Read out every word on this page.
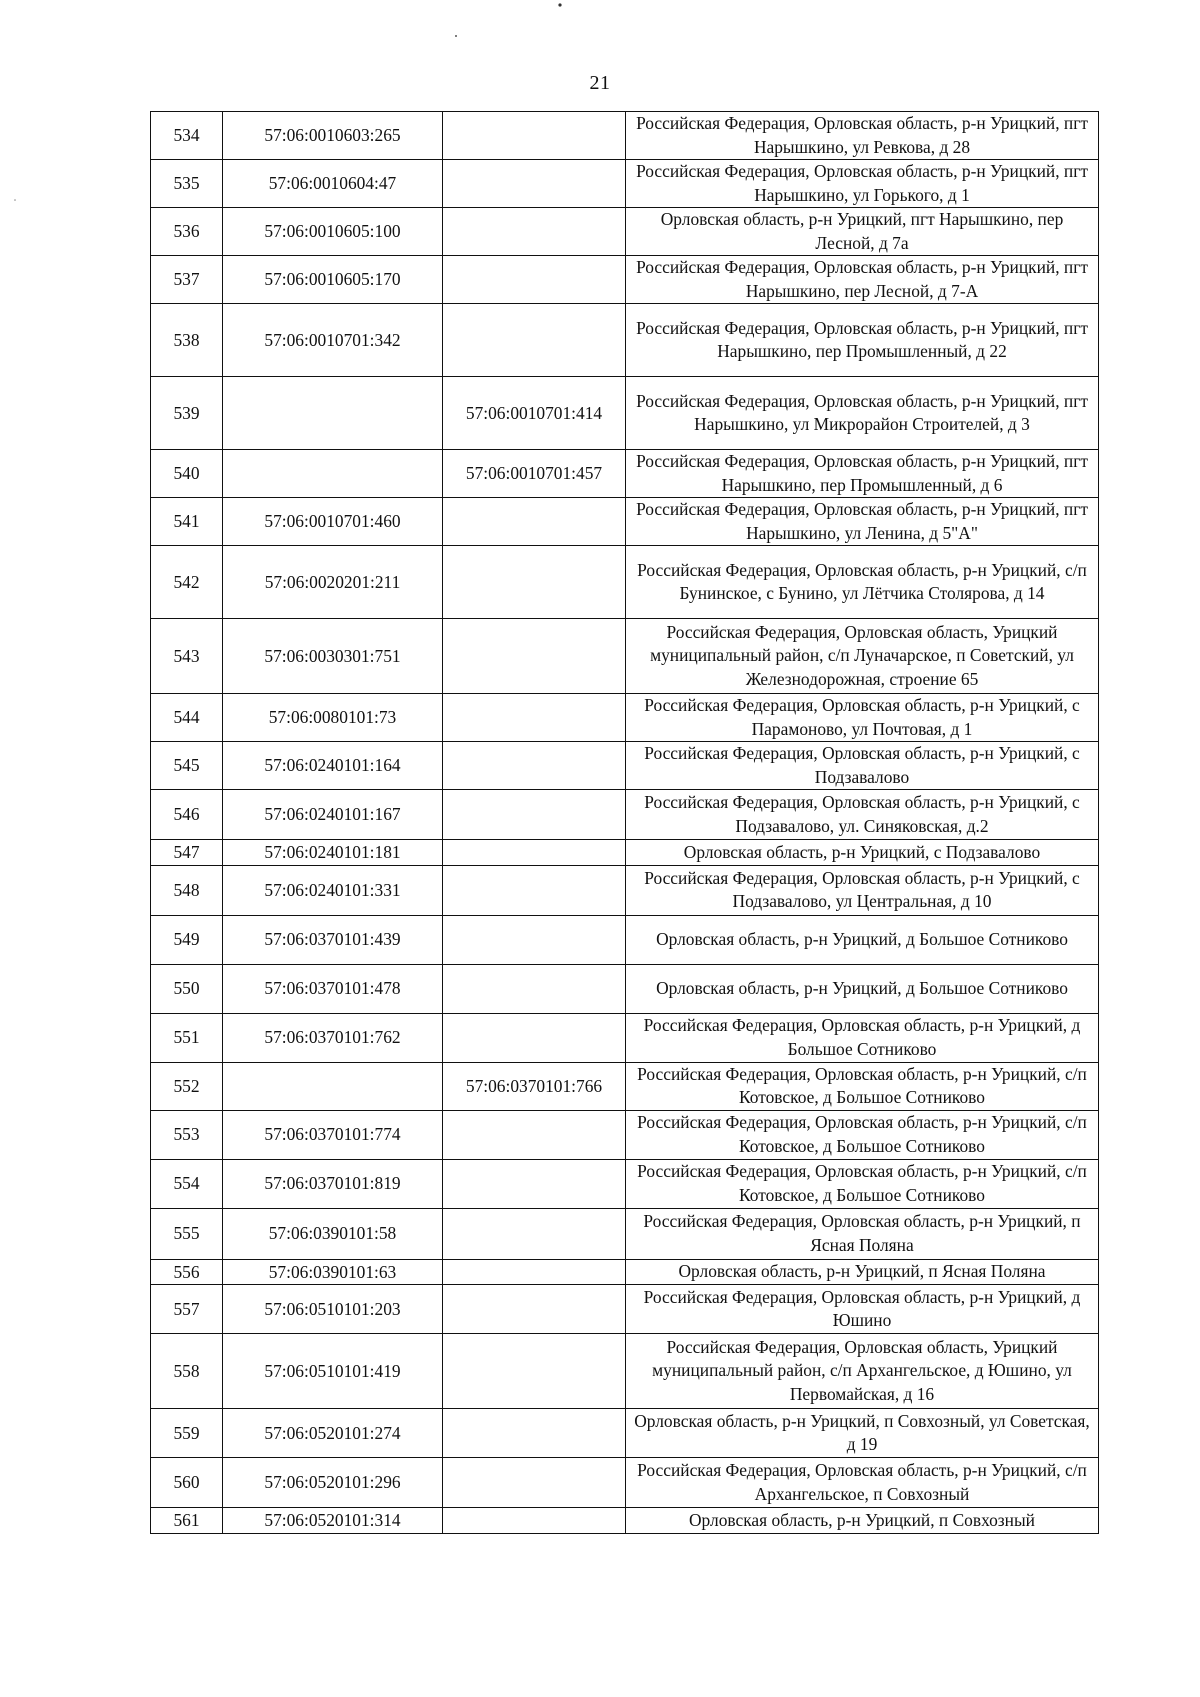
21
534	57:06:0010603:265		Российская Федерация, Орловская область, р-н Урицкий, пгт Нарышкино, ул Ревкова, д 28
535	57:06:0010604:47		Российская Федерация, Орловская область, р-н Урицкий, пгт Нарышкино, ул Горького, д 1
536	57:06:0010605:100		Орловская область, р-н Урицкий, пгт Нарышкино, пер Лесной, д 7а
537	57:06:0010605:170		Российская Федерация, Орловская область, р-н Урицкий, пгт Нарышкино, пер Лесной, д 7-А
538	57:06:0010701:342		Российская Федерация, Орловская область, р-н Урицкий, пгт Нарышкино, пер Промышленный, д 22
539		57:06:0010701:414	Российская Федерация, Орловская область, р-н Урицкий, пгт Нарышкино, ул Микрорайон Строителей, д 3
540		57:06:0010701:457	Российская Федерация, Орловская область, р-н Урицкий, пгт Нарышкино, пер Промышленный, д 6
541	57:06:0010701:460		Российская Федерация, Орловская область, р-н Урицкий, пгт Нарышкино, ул Ленина, д 5"А"
542	57:06:0020201:211		Российская Федерация, Орловская область, р-н Урицкий, с/п Бунинское, с Бунино, ул Лётчика Столярова, д 14
543	57:06:0030301:751		Российская Федерация, Орловская область, Урицкий муниципальный район, с/п Луначарское, п Советский, ул Железнодорожная, строение 65
544	57:06:0080101:73		Российская Федерация, Орловская область, р-н Урицкий, с Парамоново, ул Почтовая, д 1
545	57:06:0240101:164		Российская Федерация, Орловская область, р-н Урицкий, с Подзавалово
546	57:06:0240101:167		Российская Федерация, Орловская область, р-н Урицкий, с Подзавалово, ул. Синяковская, д.2
547	57:06:0240101:181		Орловская область, р-н Урицкий, с Подзавалово
548	57:06:0240101:331		Российская Федерация, Орловская область, р-н Урицкий, с Подзавалово, ул Центральная, д 10
549	57:06:0370101:439		Орловская область, р-н Урицкий, д Большое Сотниково
550	57:06:0370101:478		Орловская область, р-н Урицкий, д Большое Сотниково
551	57:06:0370101:762		Российская Федерация, Орловская область, р-н Урицкий, д Большое Сотниково
552		57:06:0370101:766	Российская Федерация, Орловская область, р-н Урицкий, с/п Котовское, д Большое Сотниково
553	57:06:0370101:774		Российская Федерация, Орловская область, р-н Урицкий, с/п Котовское, д Большое Сотниково
554	57:06:0370101:819		Российская Федерация, Орловская область, р-н Урицкий, с/п Котовское, д Большое Сотниково
555	57:06:0390101:58		Российская Федерация, Орловская область, р-н Урицкий, п Ясная Поляна
556	57:06:0390101:63		Орловская область, р-н Урицкий, п Ясная Поляна
557	57:06:0510101:203		Российская Федерация, Орловская область, р-н Урицкий, д Юшино
558	57:06:0510101:419		Российская Федерация, Орловская область, Урицкий муниципальный район, с/п Архангельское, д Юшино, ул Первомайская, д 16
559	57:06:0520101:274		Орловская область, р-н Урицкий, п Совхозный, ул Советская, д 19
560	57:06:0520101:296		Российская Федерация, Орловская область, р-н Урицкий, с/п Архангельское, п Совхозный
561	57:06:0520101:314		Орловская область, р-н Урицкий, п Совхозный
